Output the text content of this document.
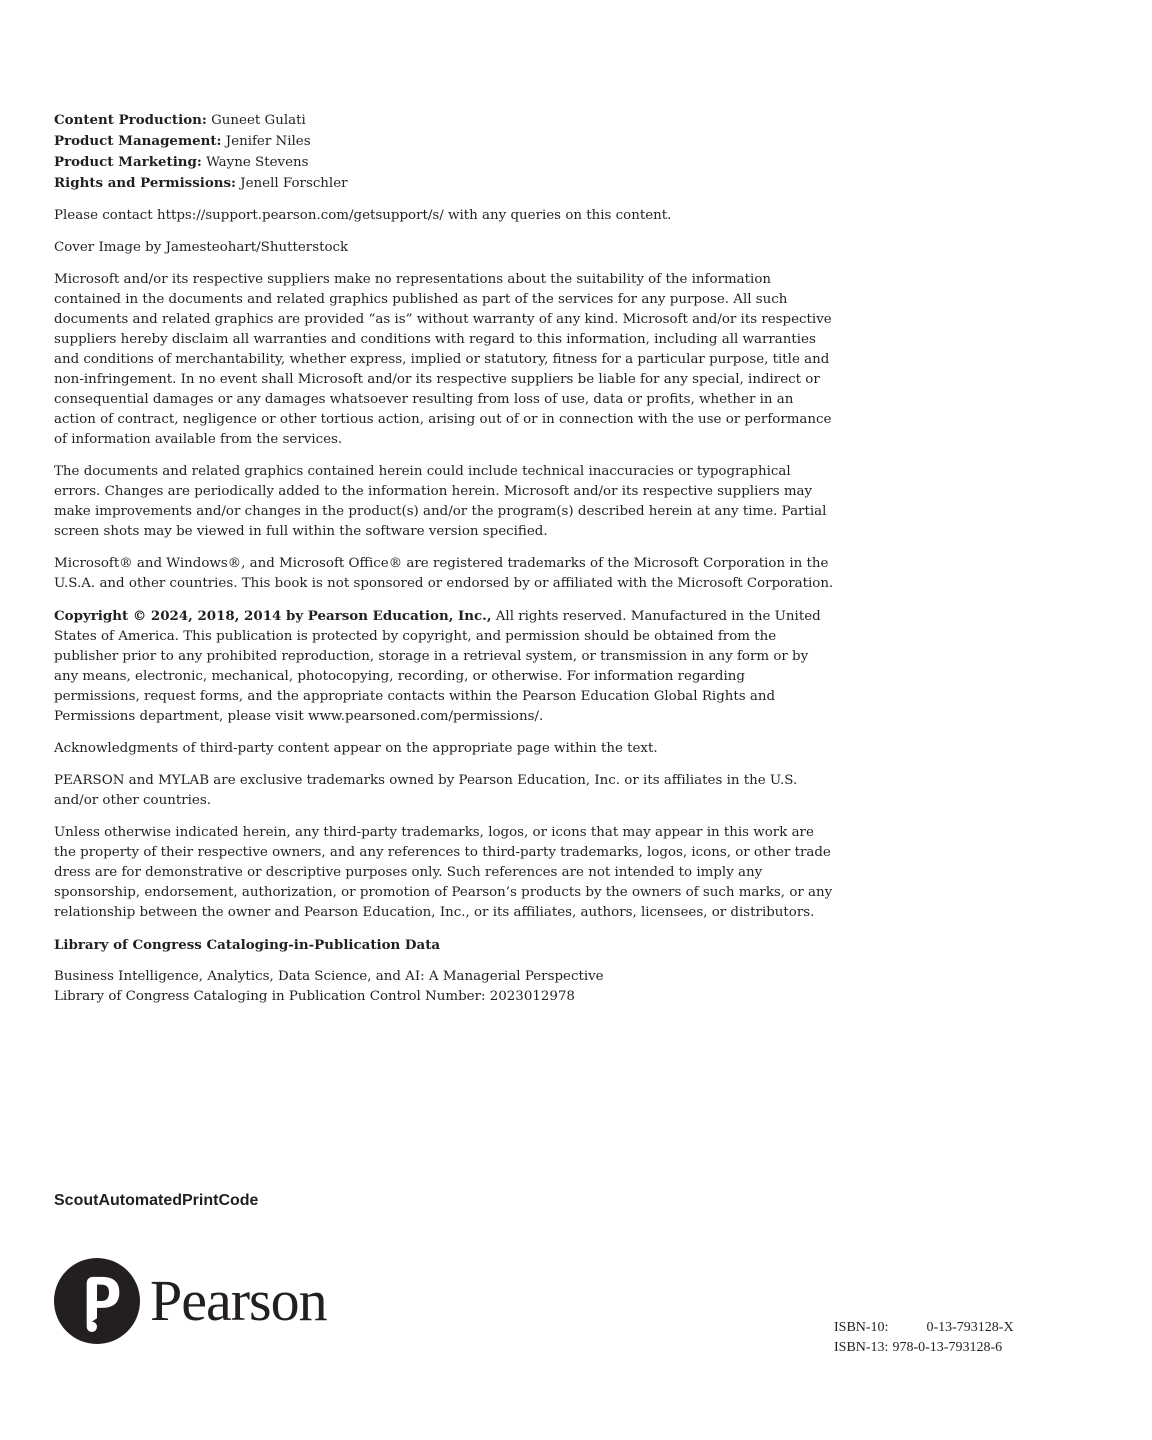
Content Production: Guneet Gulati
Product Management: Jenifer Niles
Product Marketing: Wayne Stevens
Rights and Permissions: Jenell Forschler

Please contact https://support.pearson.com/getsupport/s/ with any queries on this content.

Cover Image by Jamesteohart/Shutterstock

Microsoft and/or its respective suppliers make no representations about the suitability of the information contained in the documents and related graphics published as part of the services for any purpose. All such documents and related graphics are provided “as is” without warranty of any kind. Microsoft and/or its respective suppliers hereby disclaim all warranties and conditions with regard to this information, including all warranties and conditions of merchantability, whether express, implied or statutory, fitness for a particular purpose, title and non-infringement. In no event shall Microsoft and/or its respective suppliers be liable for any special, indirect or consequential damages or any damages whatsoever resulting from loss of use, data or profits, whether in an action of contract, negligence or other tortious action, arising out of or in connection with the use or performance of information available from the services.

The documents and related graphics contained herein could include technical inaccuracies or typographical errors. Changes are periodically added to the information herein. Microsoft and/or its respective suppliers may make improvements and/or changes in the product(s) and/or the program(s) described herein at any time. Partial screen shots may be viewed in full within the software version specified.

Microsoft® and Windows®, and Microsoft Office® are registered trademarks of the Microsoft Corporation in the U.S.A. and other countries. This book is not sponsored or endorsed by or affiliated with the Microsoft Corporation.

Copyright © 2024, 2018, 2014 by Pearson Education, Inc., All rights reserved. Manufactured in the United States of America. This publication is protected by copyright, and permission should be obtained from the publisher prior to any prohibited reproduction, storage in a retrieval system, or transmission in any form or by any means, electronic, mechanical, photocopying, recording, or otherwise. For information regarding permissions, request forms, and the appropriate contacts within the Pearson Education Global Rights and Permissions department, please visit www.pearsoned.com/permissions/.

Acknowledgments of third-party content appear on the appropriate page within the text.

PEARSON and MYLAB are exclusive trademarks owned by Pearson Education, Inc. or its affiliates in the U.S. and/or other countries.

Unless otherwise indicated herein, any third-party trademarks, logos, or icons that may appear in this work are the property of their respective owners, and any references to third-party trademarks, logos, icons, or other trade dress are for demonstrative or descriptive purposes only. Such references are not intended to imply any sponsorship, endorsement, authorization, or promotion of Pearson’s products by the owners of such marks, or any relationship between the owner and Pearson Education, Inc., or its affiliates, authors, licensees, or distributors.

Library of Congress Cataloging-in-Publication Data

Business Intelligence, Analytics, Data Science, and AI: A Managerial Perspective
Library of Congress Cataloging in Publication Control Number: 2023012978

ScoutAutomatedPrintCode
Pearson	ISBN-10:	0-13-793128-X
ISBN-13: 978-0-13-793128-6
